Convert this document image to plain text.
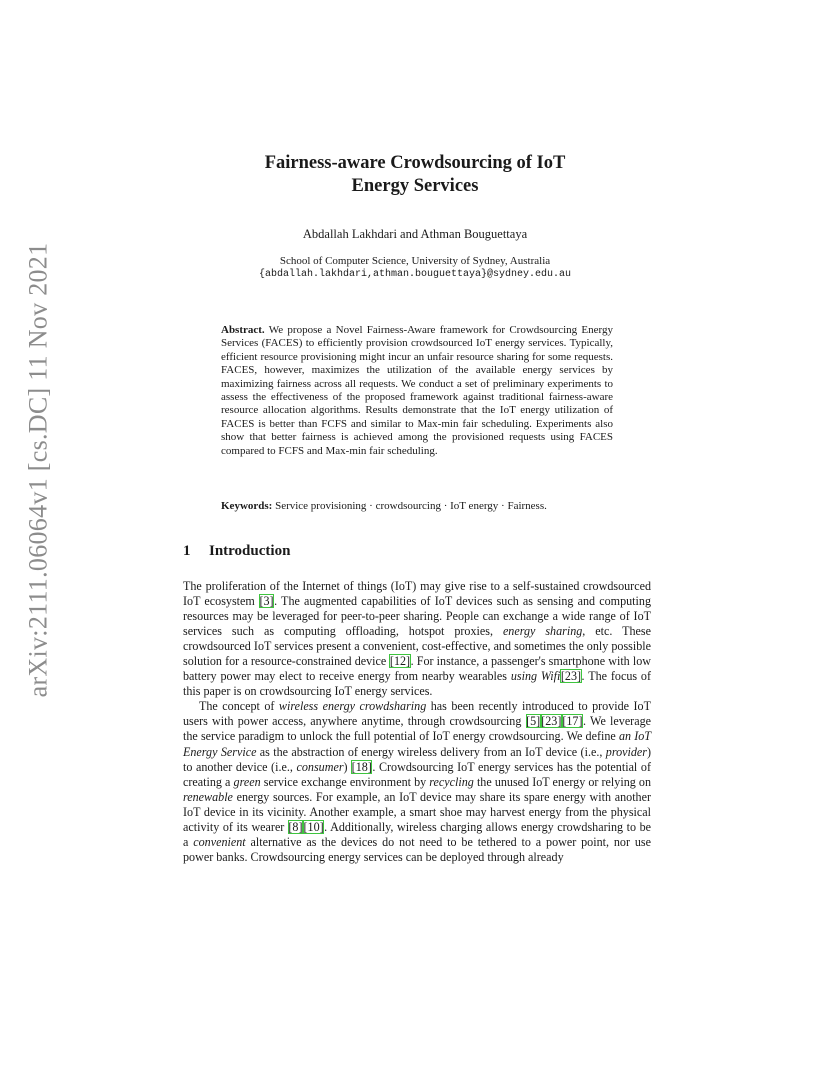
arXiv:2111.06064v1 [cs.DC] 11 Nov 2021
Fairness-aware Crowdsourcing of IoT
Energy Services
Abdallah Lakhdari and Athman Bouguettaya
School of Computer Science, University of Sydney, Australia
{abdallah.lakhdari,athman.bouguettaya}@sydney.edu.au

Abstract. We propose a Novel Fairness-Aware framework for Crowdsourcing Energy Services (FACES) to efficiently provision crowdsourced IoT energy services. Typically, efficient resource provisioning might incur an unfair resource sharing for some requests. FACES, however, maximizes the utilization of the available energy services by maximizing fairness across all requests. We conduct a set of preliminary experiments to assess the effectiveness of the proposed framework against traditional fairness-aware resource allocation algorithms. Results demonstrate that the IoT energy utilization of FACES is better than FCFS and similar to Max-min fair scheduling. Experiments also show that better fairness is achieved among the provisioned requests using FACES compared to FCFS and Max-min fair scheduling.

Keywords: Service provisioning · crowdsourcing · IoT energy · Fairness.

1 Introduction

The proliferation of the Internet of things (IoT) may give rise to a self-sustained crowdsourced IoT ecosystem [3]. The augmented capabilities of IoT devices such as sensing and computing resources may be leveraged for peer-to-peer sharing. People can exchange a wide range of IoT services such as computing offloading, hotspot proxies, energy sharing, etc. These crowdsourced IoT services present a convenient, cost-effective, and sometimes the only possible solution for a resource-constrained device [12]. For instance, a passenger's smartphone with low battery power may elect to receive energy from nearby wearables using Wifi[23]. The focus of this paper is on crowdsourcing IoT energy services.

The concept of wireless energy crowdsharing has been recently introduced to provide IoT users with power access, anywhere anytime, through crowdsourcing [5][23][17]. We leverage the service paradigm to unlock the full potential of IoT energy crowdsourcing. We define an IoT Energy Service as the abstraction of energy wireless delivery from an IoT device (i.e., provider) to another device (i.e., consumer) [18]. Crowdsourcing IoT energy services has the potential of creating a green service exchange environment by recycling the unused IoT energy or relying on renewable energy sources. For example, an IoT device may share its spare energy with another IoT device in its vicinity. Another example, a smart shoe may harvest energy from the physical activity of its wearer [8][10]. Additionally, wireless charging allows energy crowdsharing to be a convenient alternative as the devices do not need to be tethered to a power point, nor use power banks. Crowdsourcing energy services can be deployed through already
